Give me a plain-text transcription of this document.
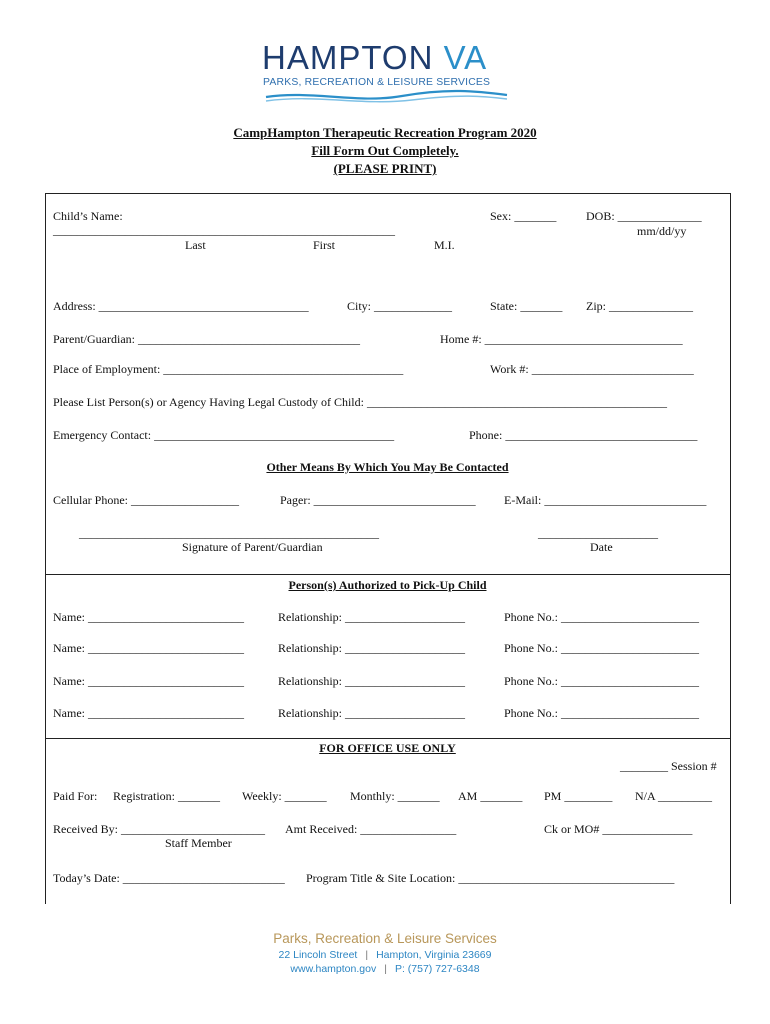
HAMPTON VA
PARKS, RECREATION & LEISURE SERVICES
CampHampton Therapeutic Recreation Program 2020
Fill Form Out Completely.
(PLEASE PRINT)
Child’s Name:	Sex: _______ DOB: ______________
_________________________________________________________	mm/dd/yy
Last	First	M.I.
Address: ___________________________________	City: _____________	State: _______ Zip: ______________
Parent/Guardian: _____________________________________	Home #: _________________________________
Place of Employment: ________________________________________	Work #: ___________________________
Please List Person(s) or Agency Having Legal Custody of Child: __________________________________________________
Emergency Contact: ________________________________________	Phone: ________________________________
Other Means By Which You May Be Contacted
Cellular Phone: __________________	Pager: ___________________________ E-Mail: ___________________________
__________________________________________________	____________________
Signature of Parent/Guardian	Date
Person(s) Authorized to Pick-Up Child
Name: __________________________	Relationship: ____________________	Phone No.: _______________________
Name: __________________________	Relationship: ____________________	Phone No.: _______________________
Name: __________________________	Relationship: ____________________	Phone No.: _______________________
Name: __________________________	Relationship: ____________________	Phone No.: _______________________
FOR OFFICE USE ONLY
________ Session #
Paid For: Registration: _______ Weekly: _______ Monthly: _______ AM _______ PM ________ N/A _________
Received By: ________________________ Amt Received: ________________	Ck or MO# _______________
Staff Member
Today’s Date: ___________________________ Program Title & Site Location: ____________________________________
Parks, Recreation & Leisure Services
22 Lincoln Street | Hampton, Virginia 23669
www.hampton.gov | P: (757) 727-6348
